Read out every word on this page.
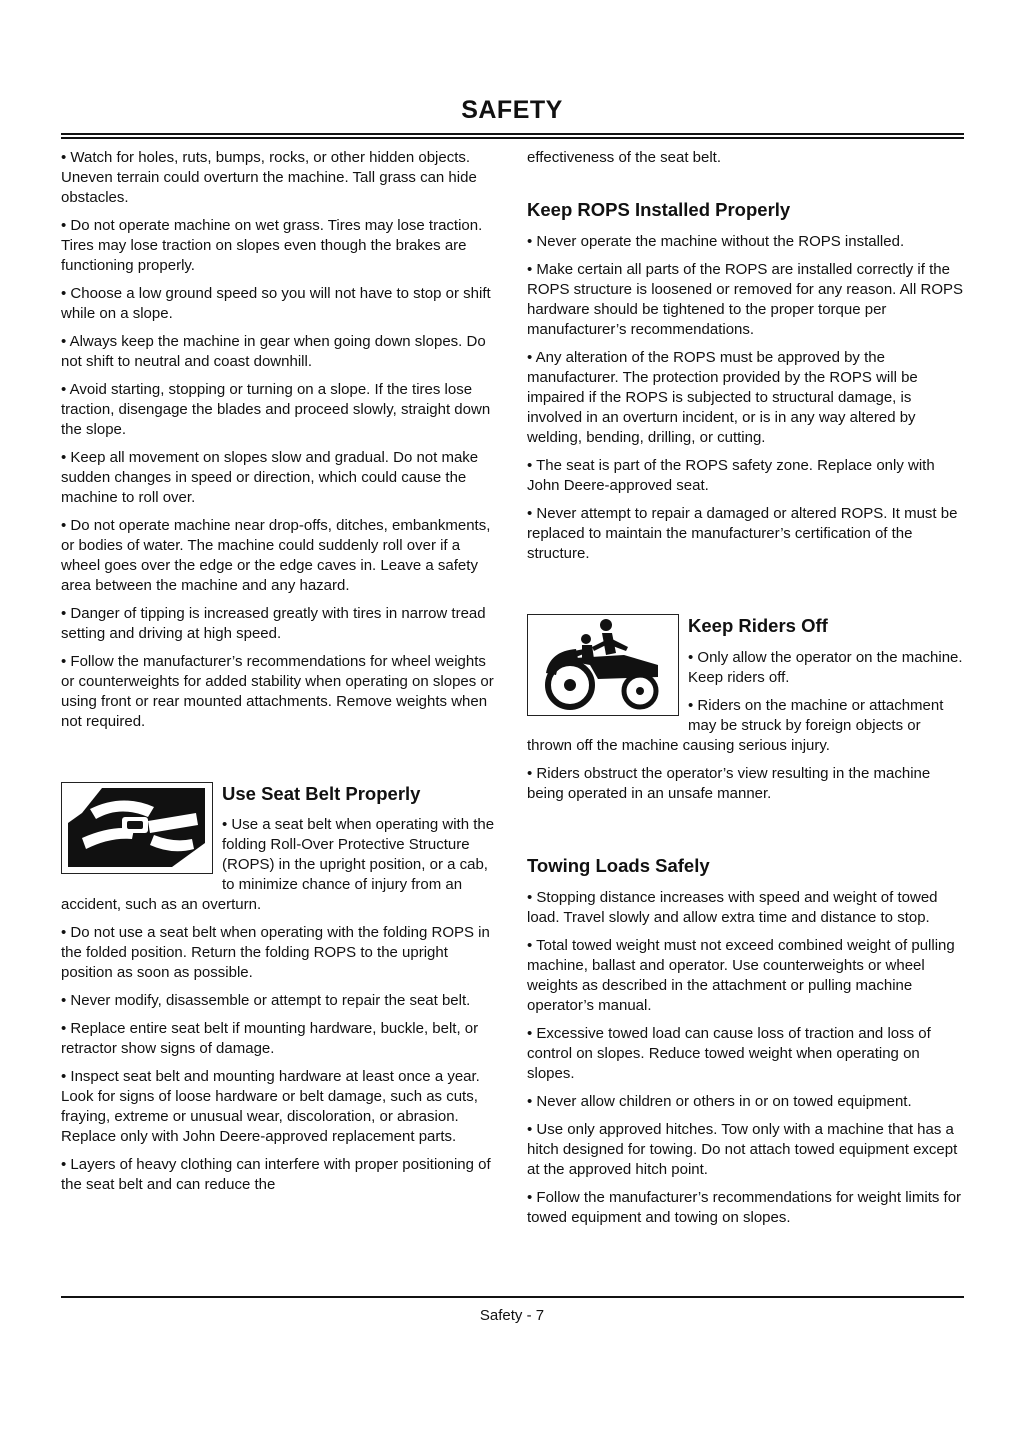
SAFETY

• Watch for holes, ruts, bumps, rocks, or other hidden objects. Uneven terrain could overturn the machine. Tall grass can hide obstacles.

• Do not operate machine on wet grass. Tires may lose traction. Tires may lose traction on slopes even though the brakes are functioning properly.

• Choose a low ground speed so you will not have to stop or shift while on a slope.

• Always keep the machine in gear when going down slopes. Do not shift to neutral and coast downhill.

• Avoid starting, stopping or turning on a slope. If the tires lose traction, disengage the blades and proceed slowly, straight down the slope.

• Keep all movement on slopes slow and gradual. Do not make sudden changes in speed or direction, which could cause the machine to roll over.

• Do not operate machine near drop-offs, ditches, embankments, or bodies of water. The machine could suddenly roll over if a wheel goes over the edge or the edge caves in. Leave a safety area between the machine and any hazard.

• Danger of tipping is increased greatly with tires in narrow tread setting and driving at high speed.

• Follow the manufacturer’s recommendations for wheel weights or counterweights for added stability when operating on slopes or using front or rear mounted attachments. Remove weights when not required.

Use Seat Belt Properly

• Use a seat belt when operating with the folding Roll-Over Protective Structure (ROPS) in the upright position, or a cab, to minimize chance of injury from an accident, such as an overturn.

• Do not use a seat belt when operating with the folding ROPS in the folded position. Return the folding ROPS to the upright position as soon as possible.

• Never modify, disassemble or attempt to repair the seat belt.

• Replace entire seat belt if mounting hardware, buckle, belt, or retractor show signs of damage.

• Inspect seat belt and mounting hardware at least once a year. Look for signs of loose hardware or belt damage, such as cuts, fraying, extreme or unusual wear, discoloration, or abrasion. Replace only with John Deere-approved replacement parts.

• Layers of heavy clothing can interfere with proper positioning of the seat belt and can reduce the

effectiveness of the seat belt.

Keep ROPS Installed Properly

• Never operate the machine without the ROPS installed.

• Make certain all parts of the ROPS are installed correctly if the ROPS structure is loosened or removed for any reason. All ROPS hardware should be tightened to the proper torque per manufacturer’s recommendations.

• Any alteration of the ROPS must be approved by the manufacturer. The protection provided by the ROPS will be impaired if the ROPS is subjected to structural damage, is involved in an overturn incident, or is in any way altered by welding, bending, drilling, or cutting.

• The seat is part of the ROPS safety zone. Replace only with John Deere-approved seat.

• Never attempt to repair a damaged or altered ROPS. It must be replaced to maintain the manufacturer’s certification of the structure.

Keep Riders Off

• Only allow the operator on the machine. Keep riders off.

• Riders on the machine or attachment may be struck by foreign objects or thrown off the machine causing serious injury.

• Riders obstruct the operator’s view resulting in the machine being operated in an unsafe manner.

Towing Loads Safely

• Stopping distance increases with speed and weight of towed load. Travel slowly and allow extra time and distance to stop.

• Total towed weight must not exceed combined weight of pulling machine, ballast and operator. Use counterweights or wheel weights as described in the attachment or pulling machine operator’s manual.

• Excessive towed load can cause loss of traction and loss of control on slopes. Reduce towed weight when operating on slopes.

• Never allow children or others in or on towed equipment.

• Use only approved hitches. Tow only with a machine that has a hitch designed for towing. Do not attach towed equipment except at the approved hitch point.

• Follow the manufacturer’s recommendations for weight limits for towed equipment and towing on slopes.

Safety - 7
